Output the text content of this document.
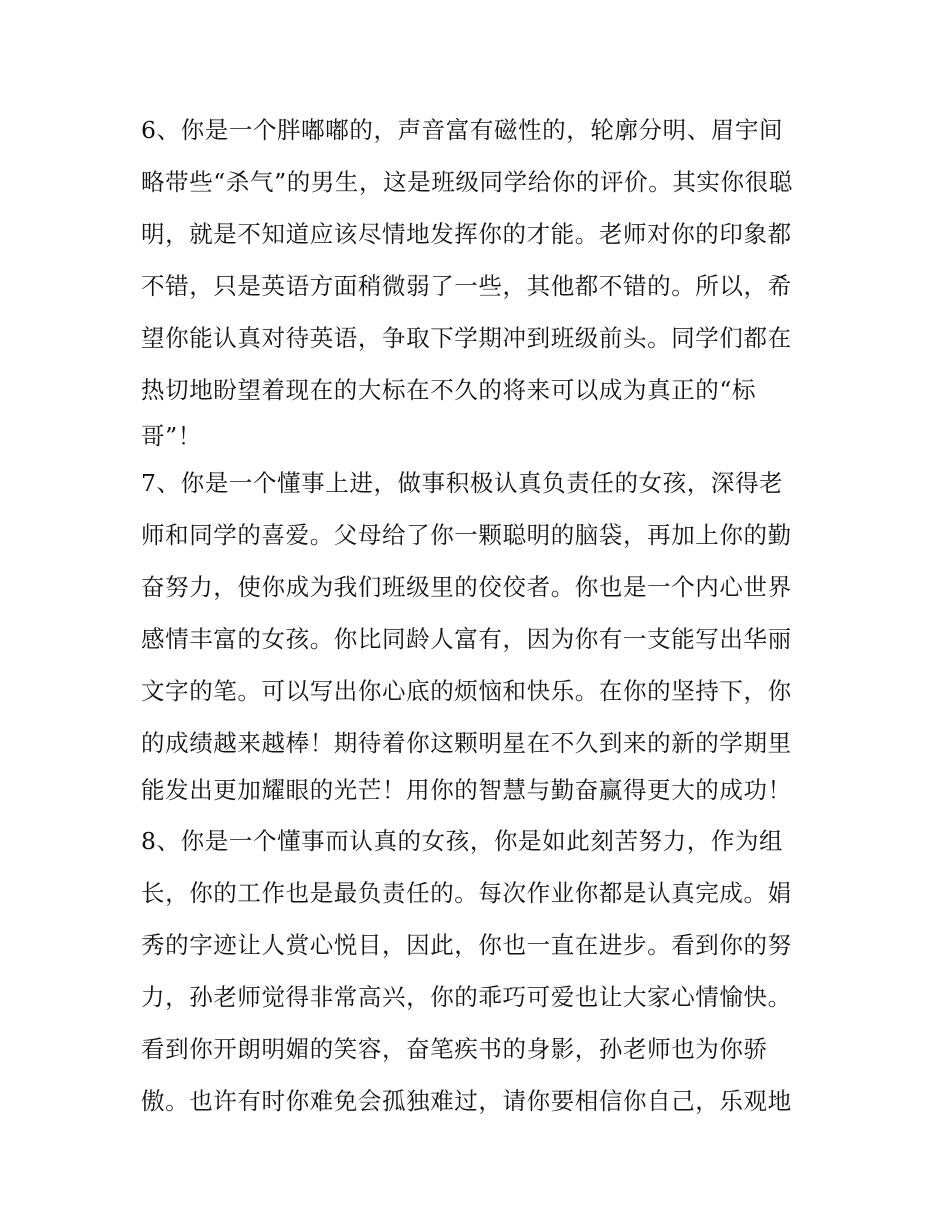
6、你是一个胖嘟嘟的，声音富有磁性的，轮廓分明、眉宇间
略带些“杀气”的男生，这是班级同学给你的评价。其实你很聪
明，就是不知道应该尽情地发挥你的才能。老师对你的印象都
不错，只是英语方面稍微弱了一些，其他都不错的。所以，希
望你能认真对待英语，争取下学期冲到班级前头。同学们都在
热切地盼望着现在的大标在不久的将来可以成为真正的“标
哥”！
7、你是一个懂事上进，做事积极认真负责任的女孩，深得老
师和同学的喜爱。父母给了你一颗聪明的脑袋，再加上你的勤
奋努力，使你成为我们班级里的佼佼者。你也是一个内心世界
感情丰富的女孩。你比同龄人富有，因为你有一支能写出华丽
文字的笔。可以写出你心底的烦恼和快乐。在你的坚持下，你
的成绩越来越棒！期待着你这颗明星在不久到来的新的学期里
能发出更加耀眼的光芒！用你的智慧与勤奋赢得更大的成功！
8、你是一个懂事而认真的女孩，你是如此刻苦努力，作为组
长，你的工作也是最负责任的。每次作业你都是认真完成。娟
秀的字迹让人赏心悦目，因此，你也一直在进步。看到你的努
力，孙老师觉得非常高兴，你的乖巧可爱也让大家心情愉快。
看到你开朗明媚的笑容，奋笔疾书的身影，孙老师也为你骄
傲。也许有时你难免会孤独难过，请你要相信你自己，乐观地
